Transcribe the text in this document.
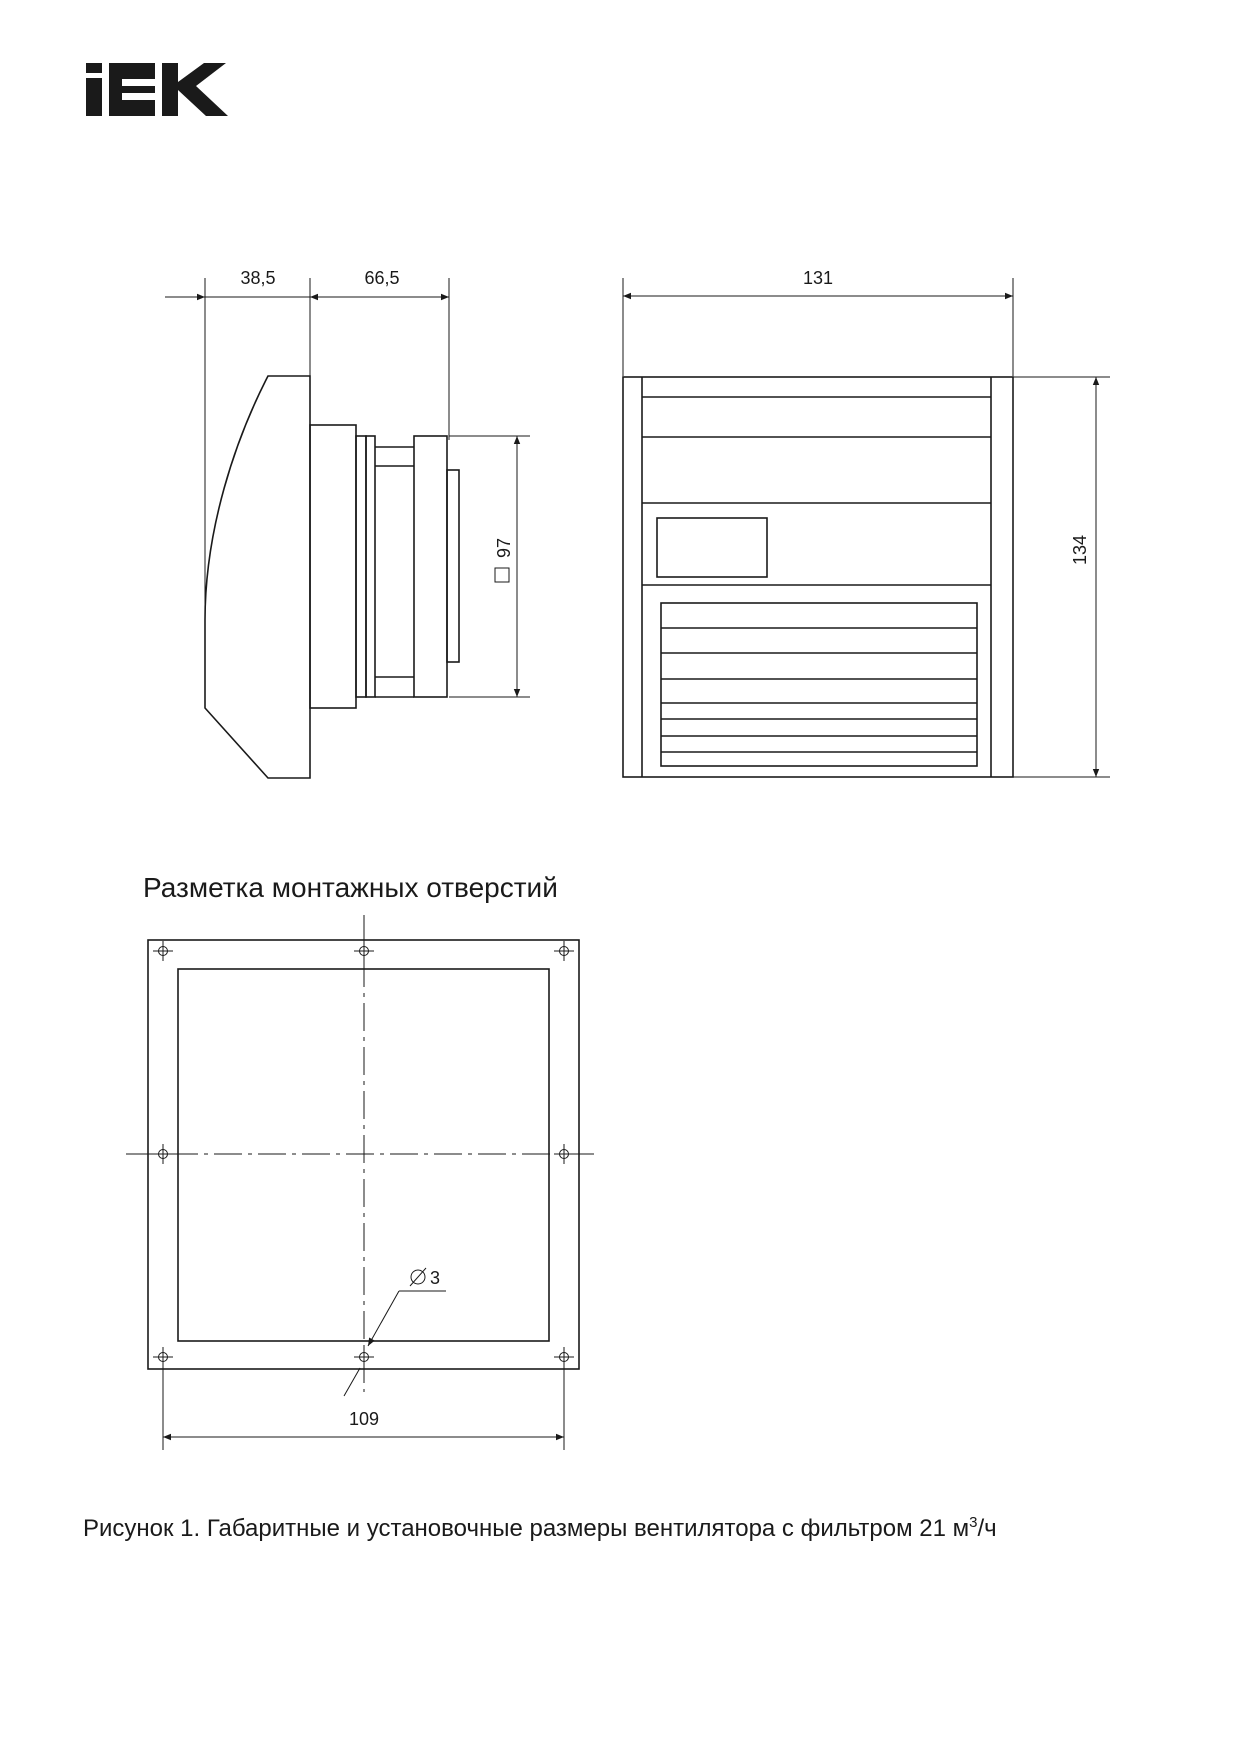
IEK
38,5	66,5
97
131
134
Разметка монтажных отверстий
3
109
Рисунок 1. Габаритные и установочные размеры вентилятора с фильтром 21 $м^3/ч$
